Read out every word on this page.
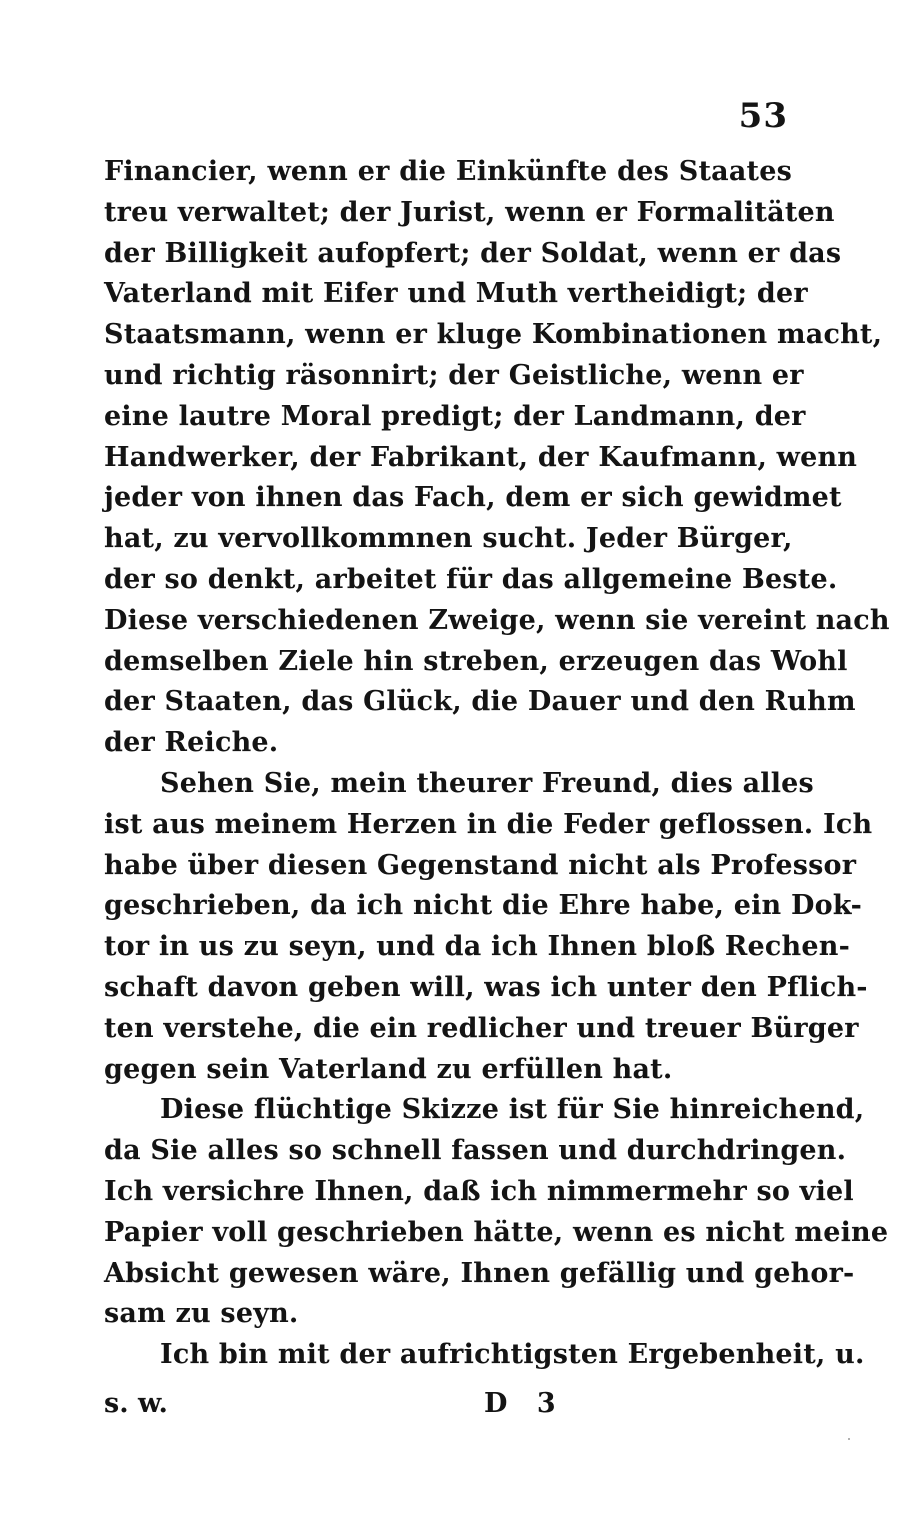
53
Financier, wenn er die Einkünfte des Staates
treu verwaltet; der Jurist, wenn er Formalitäten
der Billigkeit aufopfert; der Soldat, wenn er das
Vaterland mit Eifer und Muth vertheidigt; der
Staatsmann, wenn er kluge Kombinationen macht,
und richtig räsonnirt; der Geistliche, wenn er
eine lautre Moral predigt; der Landmann, der
Handwerker, der Fabrikant, der Kaufmann, wenn
jeder von ihnen das Fach, dem er sich gewidmet
hat, zu vervollkommnen sucht. Jeder Bürger,
der so denkt, arbeitet für das allgemeine Beste.
Diese verschiedenen Zweige, wenn sie vereint nach
demselben Ziele hin streben, erzeugen das Wohl
der Staaten, das Glück, die Dauer und den Ruhm
der Reiche.
Sehen Sie, mein theurer Freund, dies alles
ist aus meinem Herzen in die Feder geflossen. Ich
habe über diesen Gegenstand nicht als Professor
geschrieben, da ich nicht die Ehre habe, ein Dok-
tor in us zu seyn, und da ich Ihnen bloß Rechen-
schaft davon geben will, was ich unter den Pflich-
ten verstehe, die ein redlicher und treuer Bürger
gegen sein Vaterland zu erfüllen hat.
Diese flüchtige Skizze ist für Sie hinreichend,
da Sie alles so schnell fassen und durchdringen.
Ich versichre Ihnen, daß ich nimmermehr so viel
Papier voll geschrieben hätte, wenn es nicht meine
Absicht gewesen wäre, Ihnen gefällig und gehor-
sam zu seyn.
Ich bin mit der aufrichtigsten Ergebenheit, u.
s. w.	D 3
